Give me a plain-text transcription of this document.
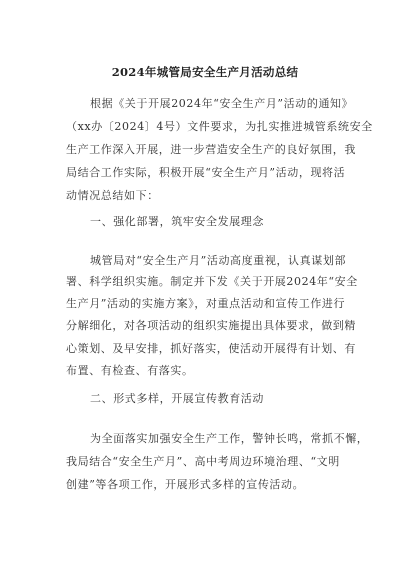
2024年城管局安全生产月活动总结
根据《关于开展2024年“安全生产月”活动的通知》
（xx办〔2024〕4号）文件要求，为扎实推进城管系统安全
生产工作深入开展，进一步营造安全生产的良好氛围，我
局结合工作实际，积极开展“安全生产月”活动，现将活
动情况总结如下：
一、强化部署，筑牢安全发展理念
城管局对“安全生产月”活动高度重视，认真谋划部
署、科学组织实施。制定并下发《关于开展2024年“安全
生产月”活动的实施方案》，对重点活动和宣传工作进行
分解细化，对各项活动的组织实施提出具体要求，做到精
心策划、及早安排，抓好落实，使活动开展得有计划、有
布置、有检查、有落实。
二、形式多样，开展宣传教育活动
为全面落实加强安全生产工作，警钟长鸣，常抓不懈，
我局结合“安全生产月”、高中考周边环境治理、“文明
创建”等各项工作，开展形式多样的宣传活动。
